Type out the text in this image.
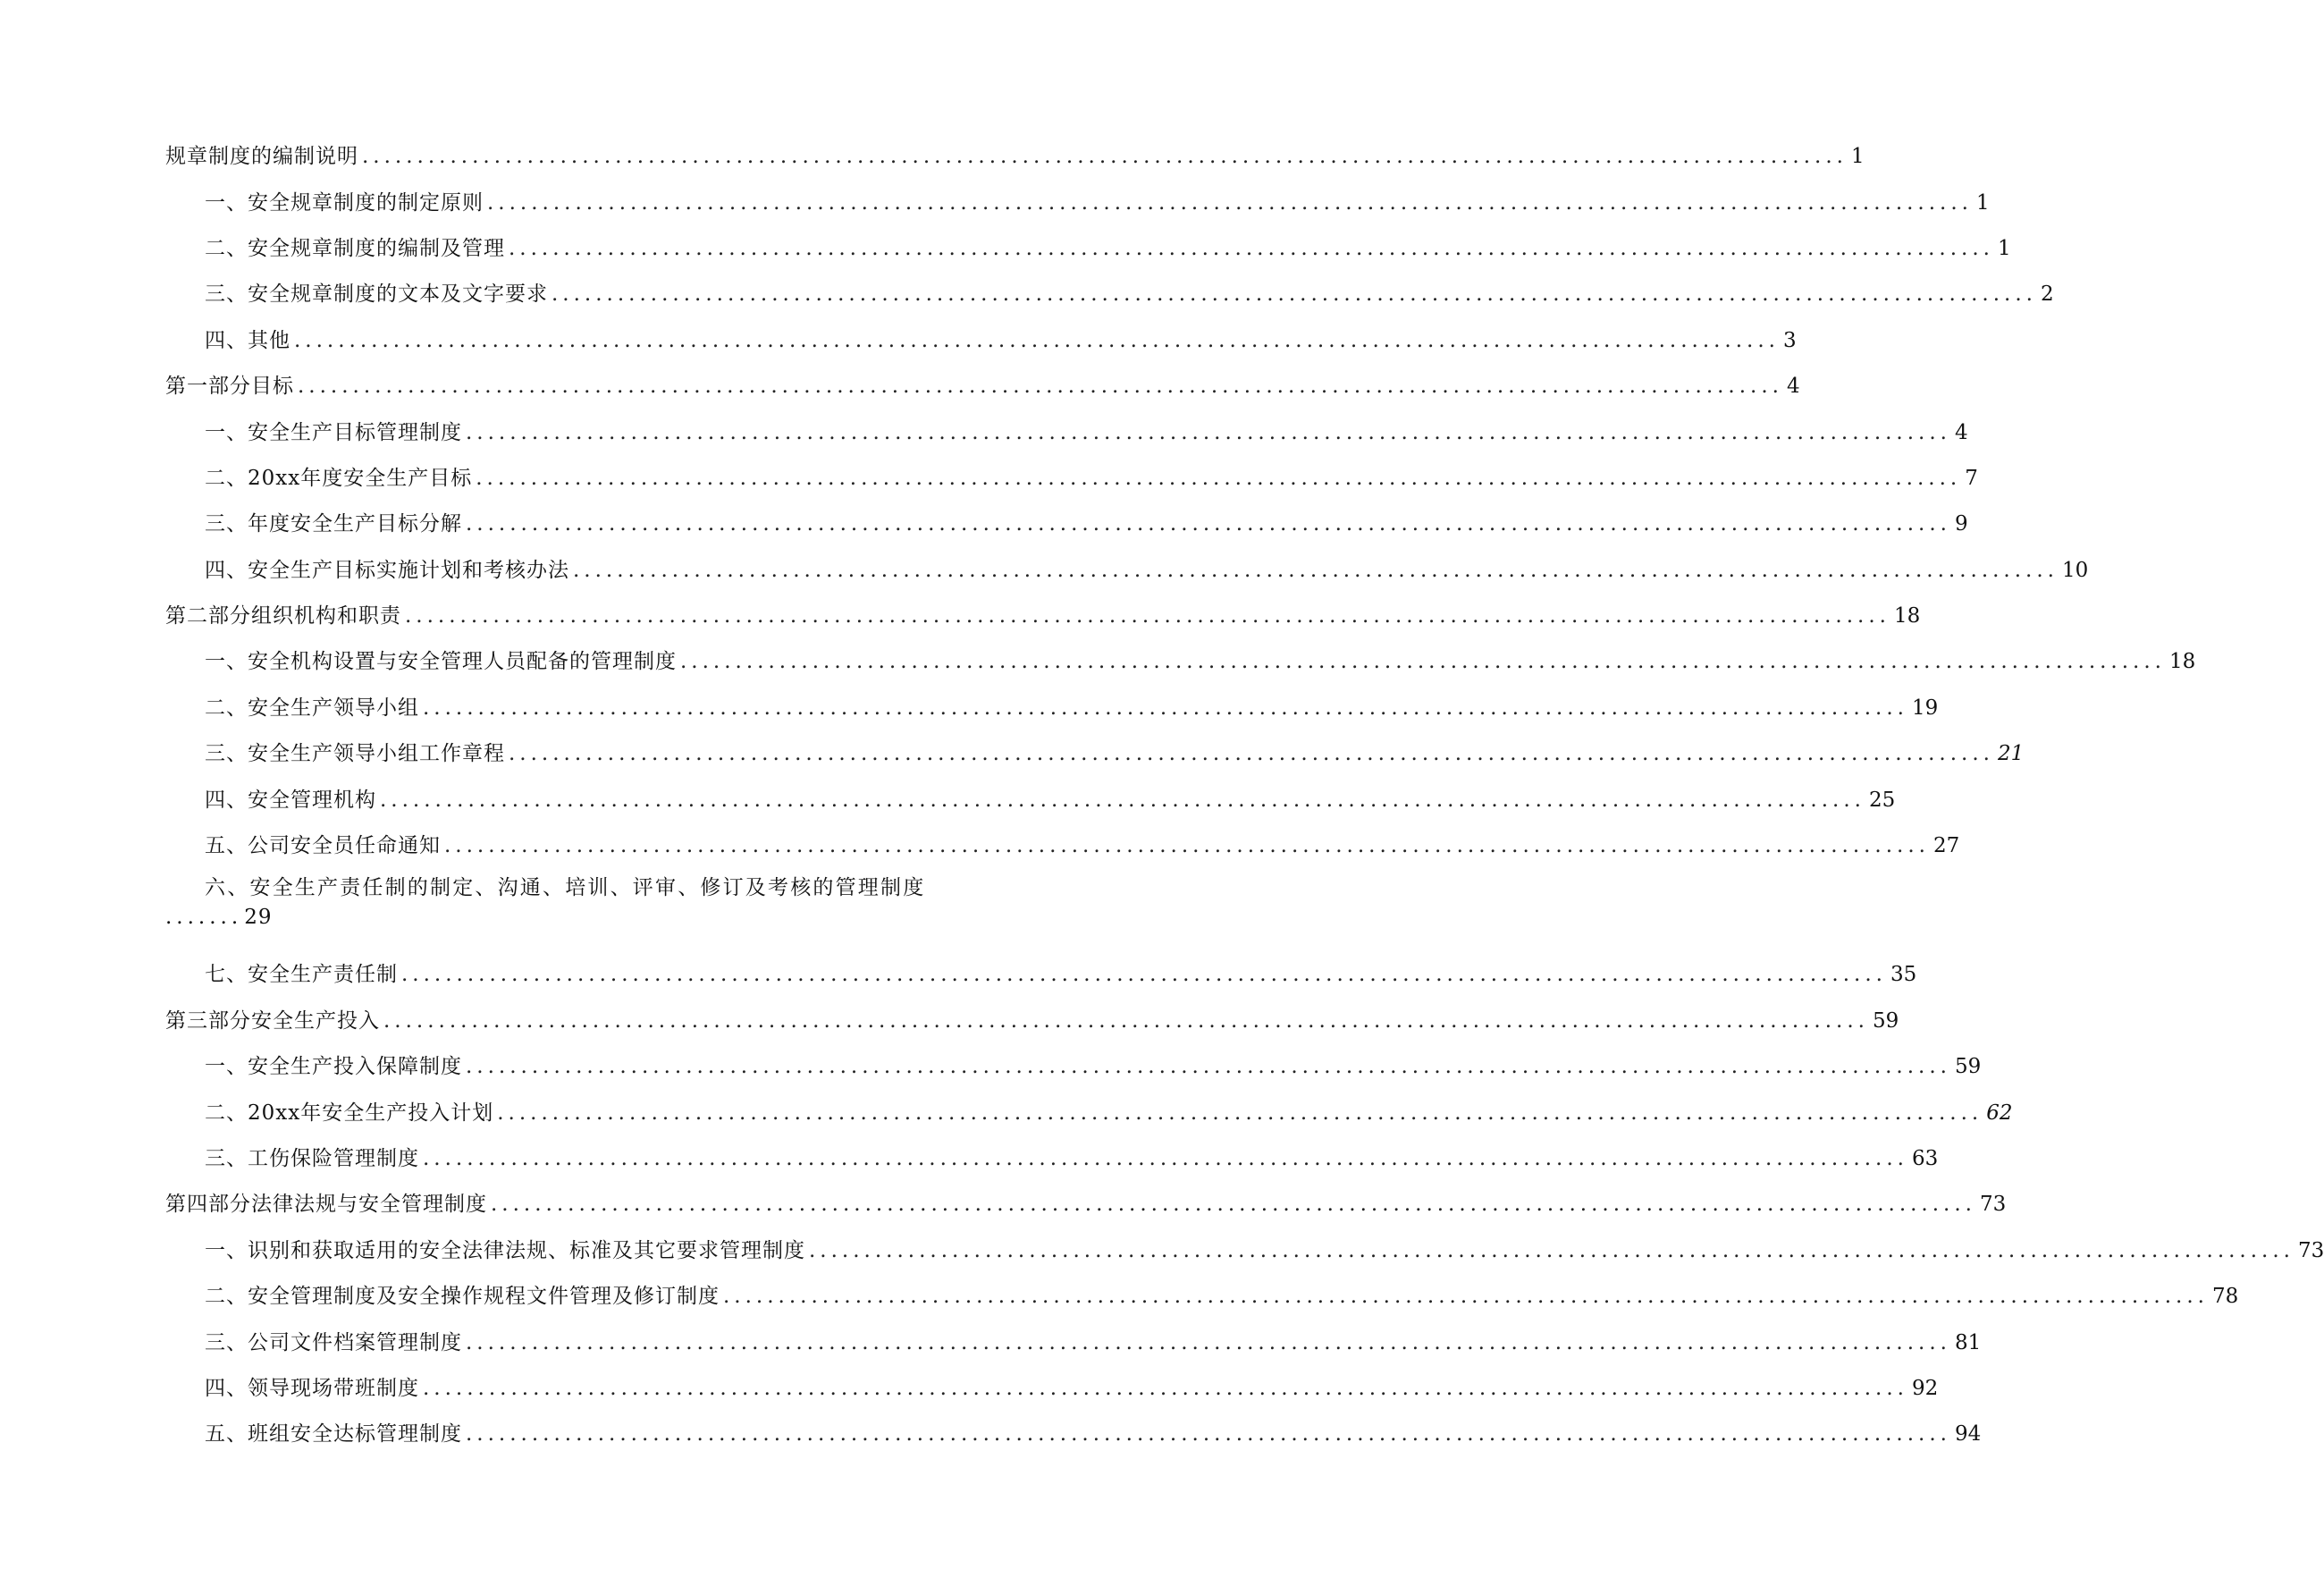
规章制度的编制说明 ....................................................................................................................................... 1
一、安全规章制度的制定原则 ....................................................................................................................................... 1
二、安全规章制度的编制及管理 ....................................................................................................................................... 1
三、安全规章制度的文本及文字要求 ....................................................................................................................................... 2
四、其他 ....................................................................................................................................... 3
第一部分目标 ....................................................................................................................................... 4
一、安全生产目标管理制度 ....................................................................................................................................... 4
二、20xx年度安全生产目标 ....................................................................................................................................... 7
三、年度安全生产目标分解 ....................................................................................................................................... 9
四、安全生产目标实施计划和考核办法 ....................................................................................................................................... 10
第二部分组织机构和职责 ....................................................................................................................................... 18
一、安全机构设置与安全管理人员配备的管理制度 ....................................................................................................................................... 18
二、安全生产领导小组 ....................................................................................................................................... 19
三、安全生产领导小组工作章程 ....................................................................................................................................... 21
四、安全管理机构 ....................................................................................................................................... 25
五、公司安全员任命通知 ....................................................................................................................................... 27
六、安全生产责任制的制定、沟通、培训、评审、修订及考核的管理制度
.......29
七、安全生产责任制 ....................................................................................................................................... 35
第三部分安全生产投入 ....................................................................................................................................... 59
一、安全生产投入保障制度 ....................................................................................................................................... 59
二、20xx年安全生产投入计划 ....................................................................................................................................... 62
三、工伤保险管理制度 ....................................................................................................................................... 63
第四部分法律法规与安全管理制度 ....................................................................................................................................... 73
一、识别和获取适用的安全法律法规、标准及其它要求管理制度 ....................................................................................................................................... 73
二、安全管理制度及安全操作规程文件管理及修订制度 ....................................................................................................................................... 78
三、公司文件档案管理制度 ....................................................................................................................................... 81
四、领导现场带班制度 ....................................................................................................................................... 92
五、班组安全达标管理制度 ....................................................................................................................................... 94
